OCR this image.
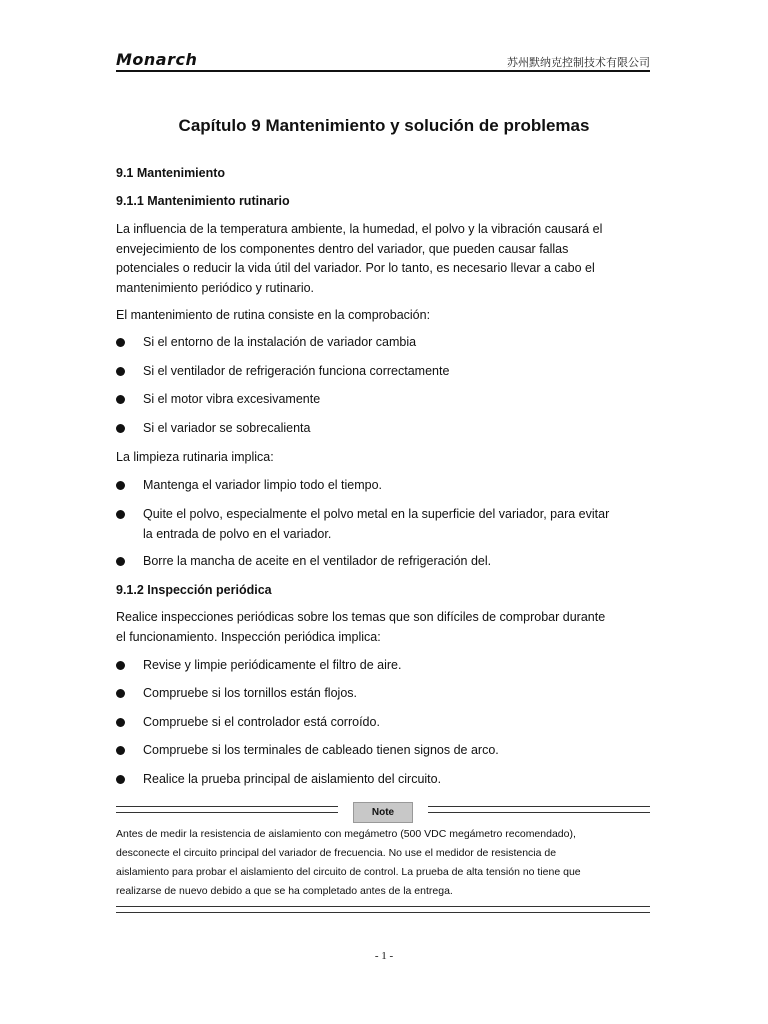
Monarch	苏州默纳克控制技术有限公司
Capítulo 9 Mantenimiento y solución de problemas
9.1 Mantenimiento
9.1.1 Mantenimiento rutinario
La influencia de la temperatura ambiente, la humedad, el polvo y la vibración causará el
envejecimiento de los componentes dentro del variador, que pueden causar fallas
potenciales o reducir la vida útil del variador. Por lo tanto, es necesario llevar a cabo el
mantenimiento periódico y rutinario.
El mantenimiento de rutina consiste en la comprobación:
Si el entorno de la instalación de variador cambia
Si el ventilador de refrigeración funciona correctamente
Si el motor vibra excesivamente
Si el variador se sobrecalienta
La limpieza rutinaria implica:
Mantenga el variador limpio todo el tiempo.
Quite el polvo, especialmente el polvo metal en la superficie del variador, para evitar
la entrada de polvo en el variador.
Borre la mancha de aceite en el ventilador de refrigeración del.
9.1.2 Inspección periódica
Realice inspecciones periódicas sobre los temas que son difíciles de comprobar durante
el funcionamiento. Inspección periódica implica:
Revise y limpie periódicamente el filtro de aire.
Compruebe si los tornillos están flojos.
Compruebe si el controlador está corroído.
Compruebe si los terminales de cableado tienen signos de arco.
Realice la prueba principal de aislamiento del circuito.
Note
Antes de medir la resistencia de aislamiento con megámetro (500 VDC megámetro recomendado),
desconecte el circuito principal del variador de frecuencia. No use el medidor de resistencia de
aislamiento para probar el aislamiento del circuito de control. La prueba de alta tensión no tiene que
realizarse de nuevo debido a que se ha completado antes de la entrega.
- 1 -
